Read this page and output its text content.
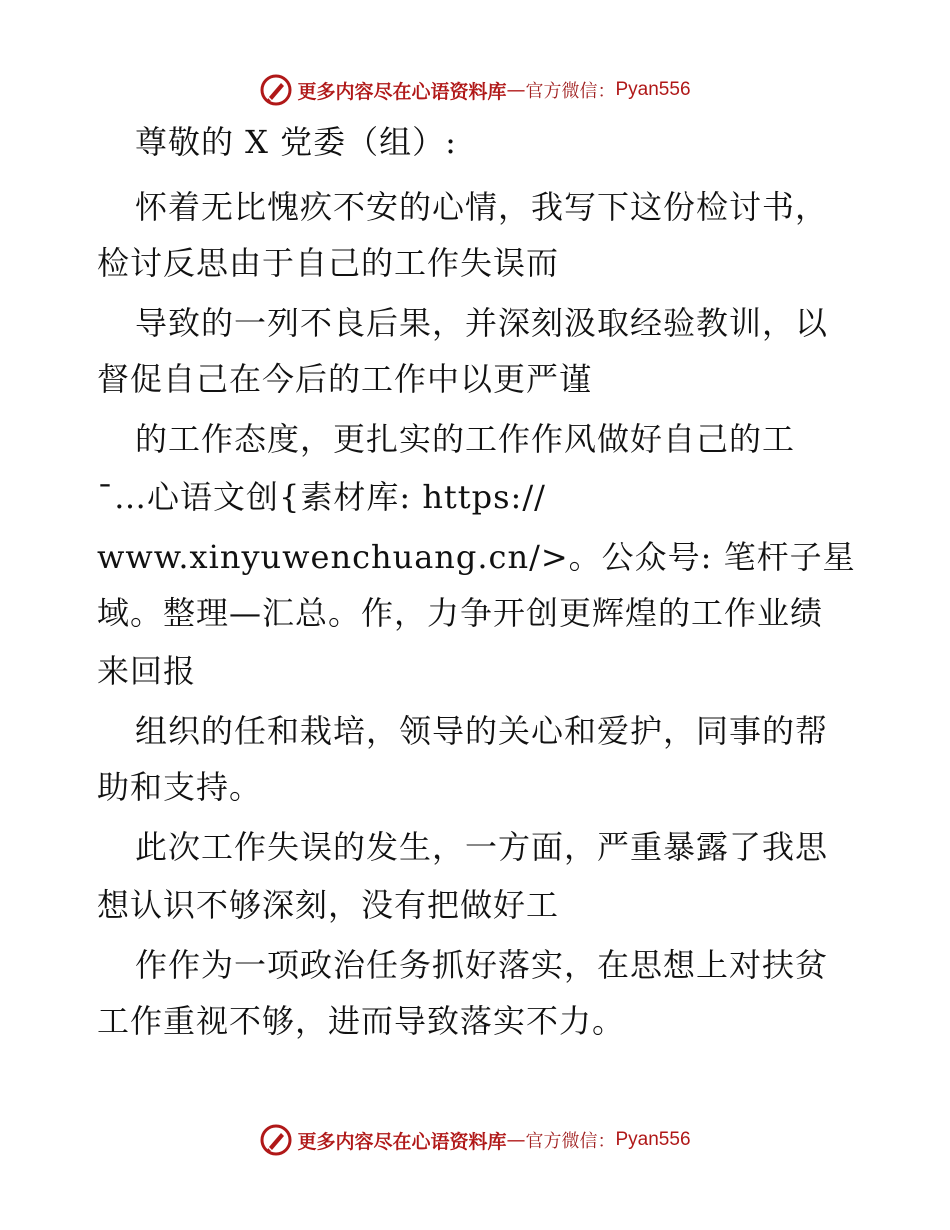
更多内容尽在心语资料库 — 官方微信： Pyan556
尊敬的 X 党委（组）:
怀着无比愧疚不安的心情，我写下这份检讨书，
检讨反思由于自己的工作失误而
导致的一列不良后果，并深刻汲取经验教训，以
督促自己在今后的工作中以更严谨
的工作态度，更扎实的工作作风做好自己的工
¯…心语文创{素材库: https://
www.xinyuwenchuang.cn/>。公众号: 笔杆子星
域。整理—汇总。作，力争开创更辉煌的工作业绩
来回报
组织的任和栽培，领导的关心和爱护，同事的帮
助和支持。
此次工作失误的发生，一方面，严重暴露了我思
想认识不够深刻，没有把做好工
作作为一项政治任务抓好落实，在思想上对扶贫
工作重视不够，进而导致落实不力。
更多内容尽在心语资料库 — 官方微信： Pyan556
